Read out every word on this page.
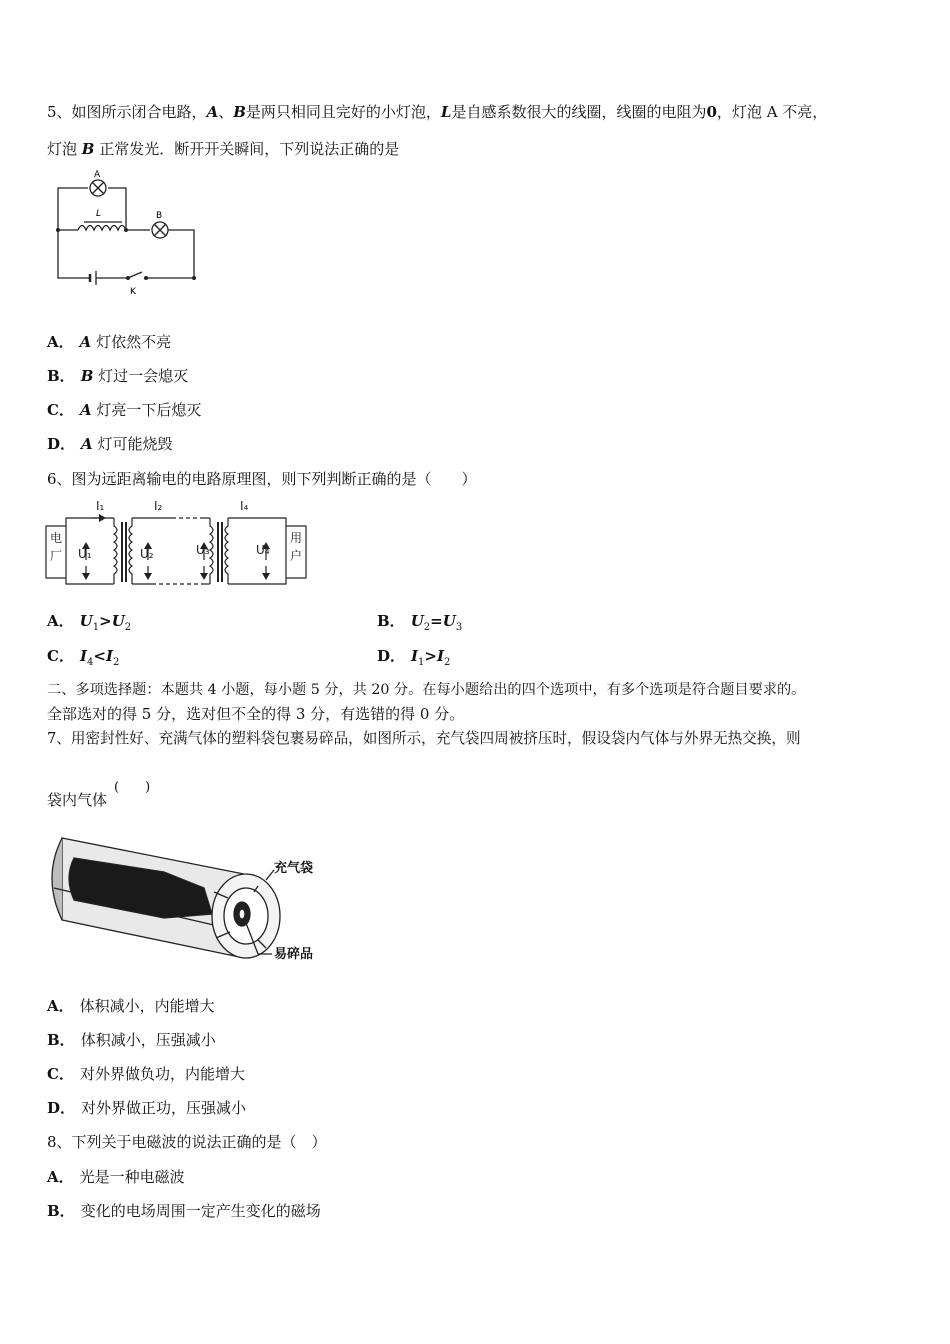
5、如图所示闭合电路，A、B是两只相同且完好的小灯泡，L是自感系数很大的线圈，线圈的电阻为0，灯泡 A 不亮，
灯泡 B 正常发光．断开开关瞬间，下列说法正确的是
A
L	B
K
A． A 灯依然不亮
B． B 灯过一会熄灭
C． A 灯亮一下后熄灭
D． A 灯可能烧毁
6、图为远距离输电的电路原理图，则下列判断正确的是（　　）
I₁	I₂	I₄
U₁	U₂	U₃	U₄
电
厂
用
户
A． $U_1>U_2$	B． $U_2=U_3$
C． $I_4<I_2$	D． $I_1>I_2$
二、多项选择题：本题共 4 小题，每小题 5 分，共 20 分。在每小题给出的四个选项中，有多个选项是符合题目要求的。
全部选对的得 5 分，选对但不全的得 3 分，有选错的得 0 分。
7、用密封性好、充满气体的塑料袋包裹易碎品，如图所示，充气袋四周被挤压时，假设袋内气体与外界无热交换，则
袋内气体
(　　)
充气袋
易碎品
A． 体积减小，内能增大
B． 体积减小，压强减小
C． 对外界做负功，内能增大
D． 对外界做正功，压强减小
8、下列关于电磁波的说法正确的是（　）
A． 光是一种电磁波
B． 变化的电场周围一定产生变化的磁场
